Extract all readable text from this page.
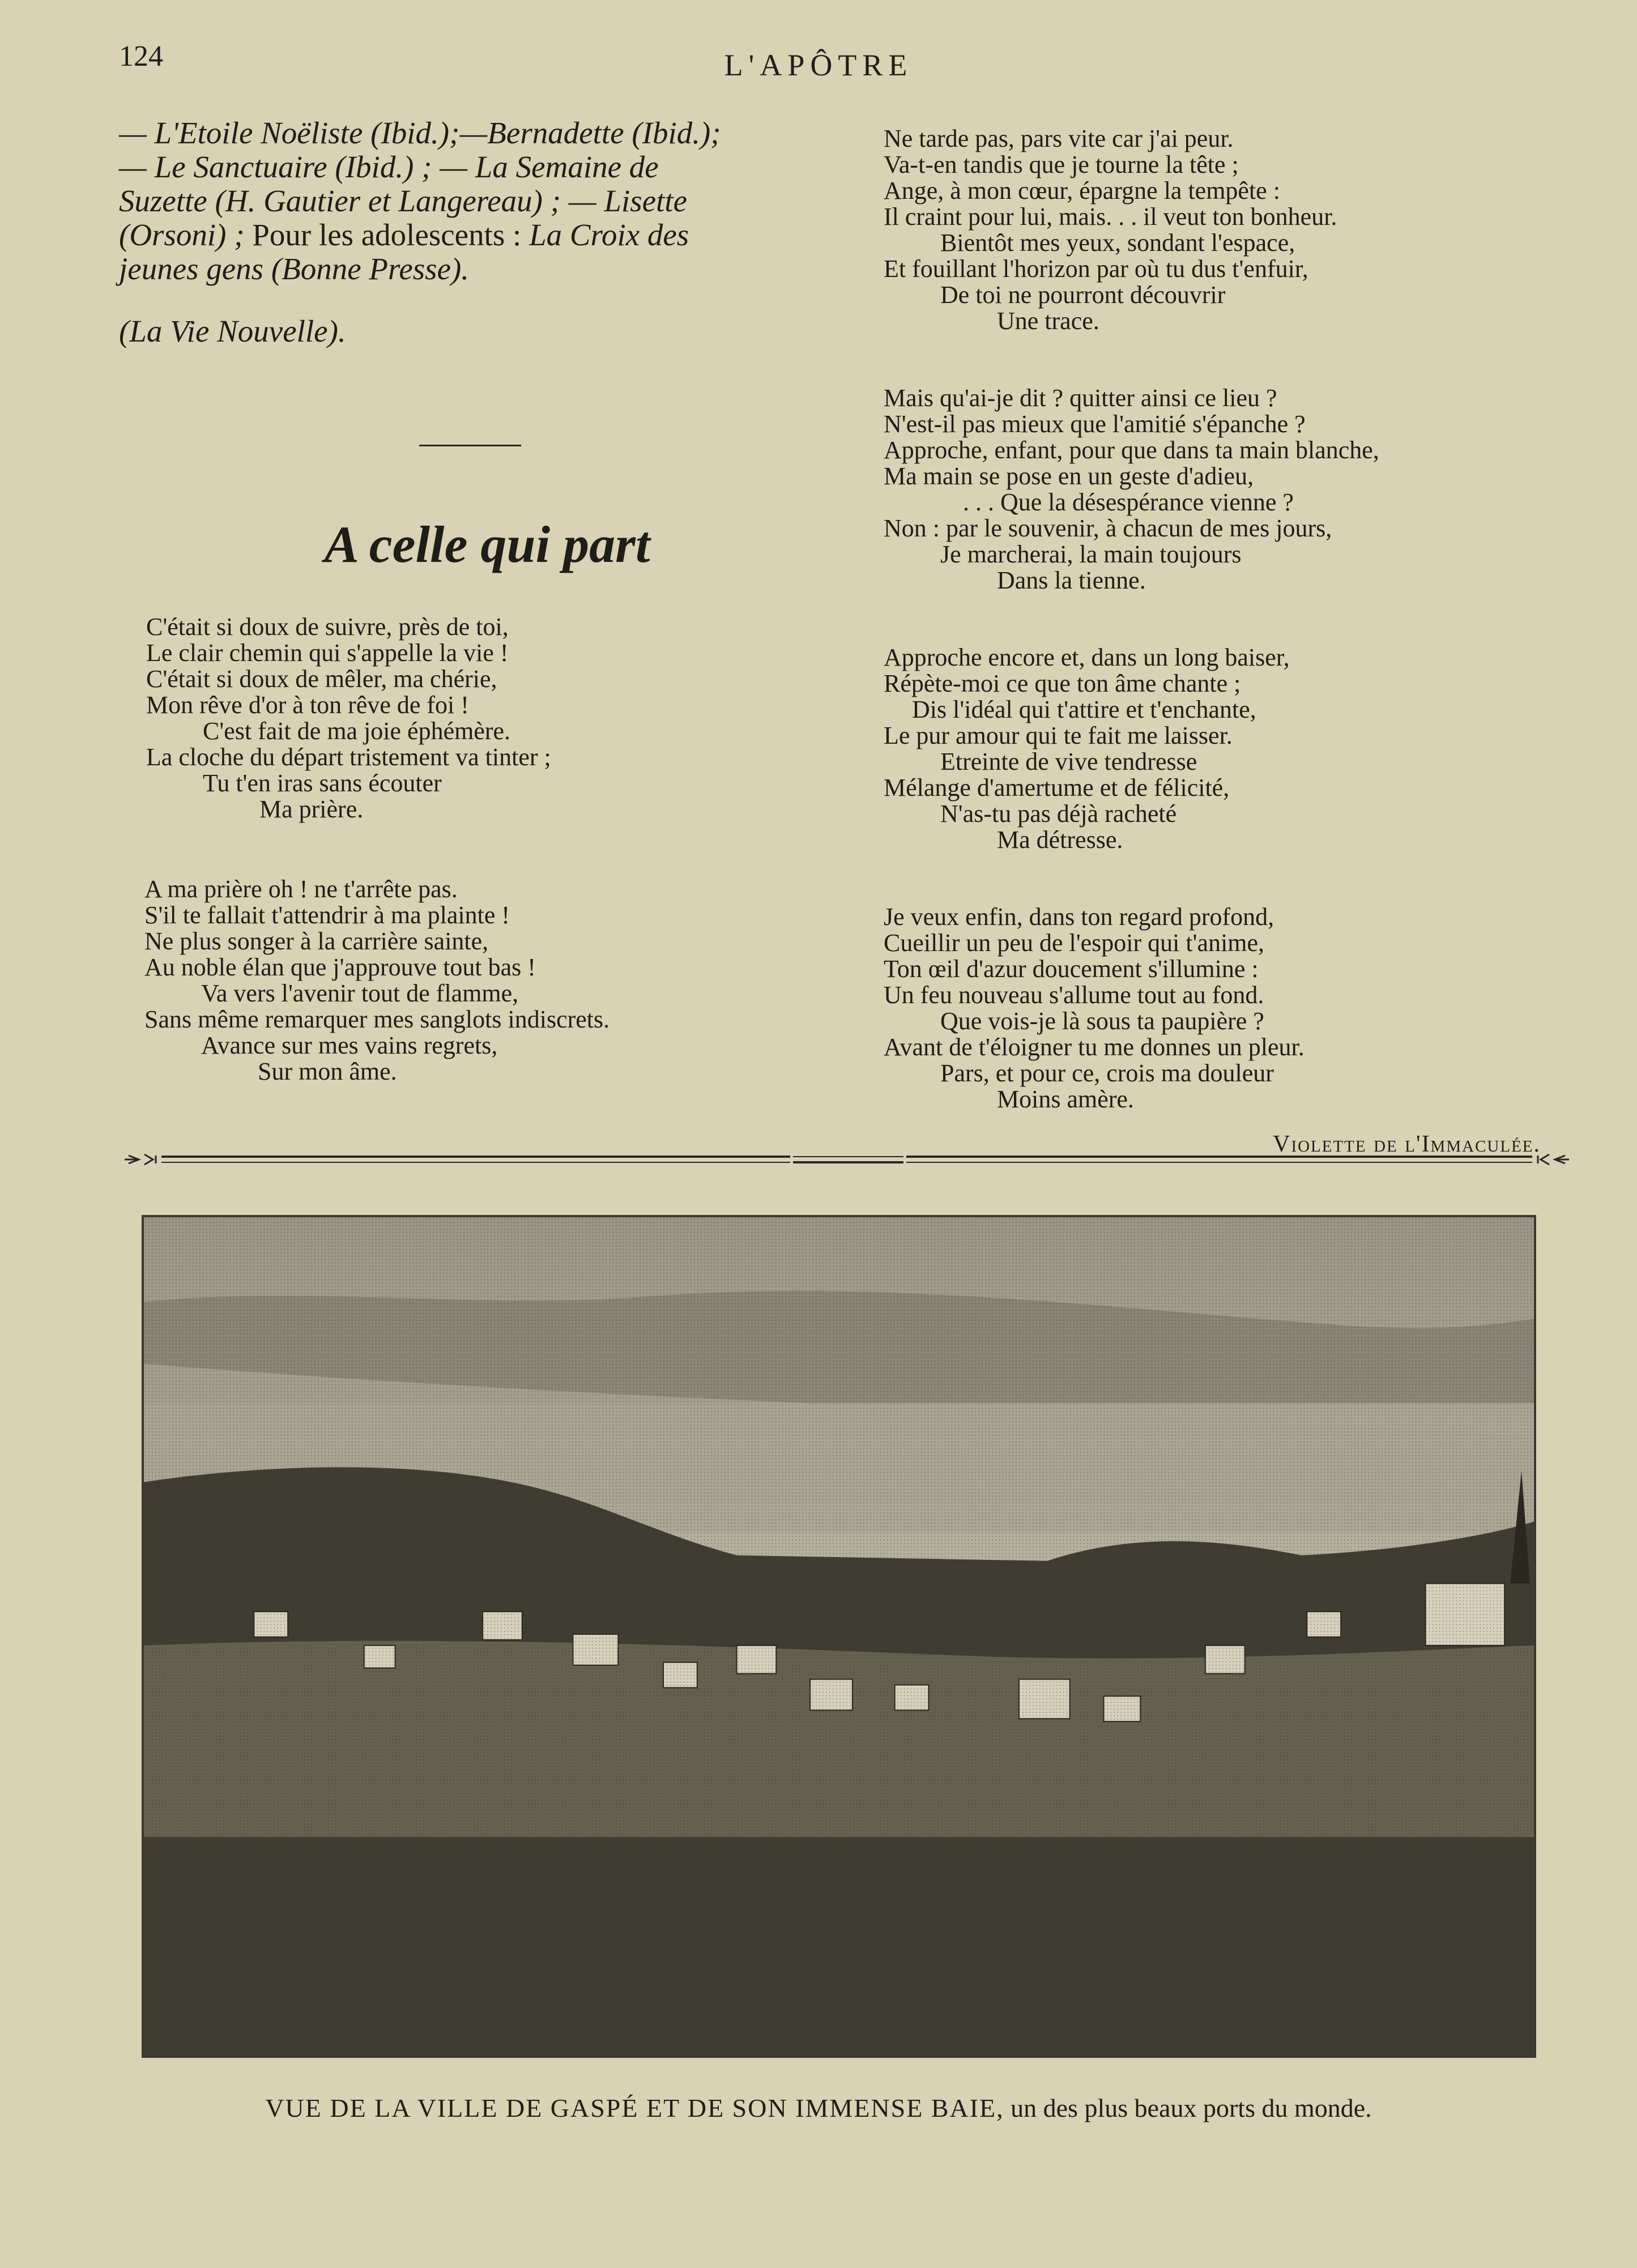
124	L'APÔTRE
— L'Etoile Noëliste (Ibid.);—Bernadette (Ibid.);
— Le Sanctuaire (Ibid.) ; — La Semaine de
Suzette (H. Gautier et Langereau) ; — Lisette
(Orsoni) ; Pour les adolescents : La Croix des
jeunes gens (Bonne Presse).
(La Vie Nouvelle).
A celle qui part
C'était si doux de suivre, près de toi,
Le clair chemin qui s'appelle la vie !
C'était si doux de mêler, ma chérie,
Mon rêve d'or à ton rêve de foi !
C'est fait de ma joie éphémère.
La cloche du départ tristement va tinter ;
Tu t'en iras sans écouter
Ma prière.
A ma prière oh ! ne t'arrête pas.
S'il te fallait t'attendrir à ma plainte !
Ne plus songer à la carrière sainte,
Au noble élan que j'approuve tout bas !
Va vers l'avenir tout de flamme,
Sans même remarquer mes sanglots indiscrets.
Avance sur mes vains regrets,
Sur mon âme.
Ne tarde pas, pars vite car j'ai peur.
Va-t-en tandis que je tourne la tête ;
Ange, à mon cœur, épargne la tempête :
Il craint pour lui, mais. . . il veut ton bonheur.
Bientôt mes yeux, sondant l'espace,
Et fouillant l'horizon par où tu dus t'enfuir,
De toi ne pourront découvrir
Une trace.
Mais qu'ai-je dit ? quitter ainsi ce lieu ?
N'est-il pas mieux que l'amitié s'épanche ?
Approche, enfant, pour que dans ta main blanche,
Ma main se pose en un geste d'adieu,
. . . Que la désespérance vienne ?
Non : par le souvenir, à chacun de mes jours,
Je marcherai, la main toujours
Dans la tienne.
Approche encore et, dans un long baiser,
Répète-moi ce que ton âme chante ;
Dis l'idéal qui t'attire et t'enchante,
Le pur amour qui te fait me laisser.
Etreinte de vive tendresse
Mélange d'amertume et de félicité,
N'as-tu pas déjà racheté
Ma détresse.
Je veux enfin, dans ton regard profond,
Cueillir un peu de l'espoir qui t'anime,
Ton œil d'azur doucement s'illumine :
Un feu nouveau s'allume tout au fond.
Que vois-je là sous ta paupière ?
Avant de t'éloigner tu me donnes un pleur.
Pars, et pour ce, crois ma douleur
Moins amère.
Violette de l'Immaculée.
VUE DE LA VILLE DE GASPÉ ET DE SON IMMENSE BAIE, un des plus beaux ports du monde.
